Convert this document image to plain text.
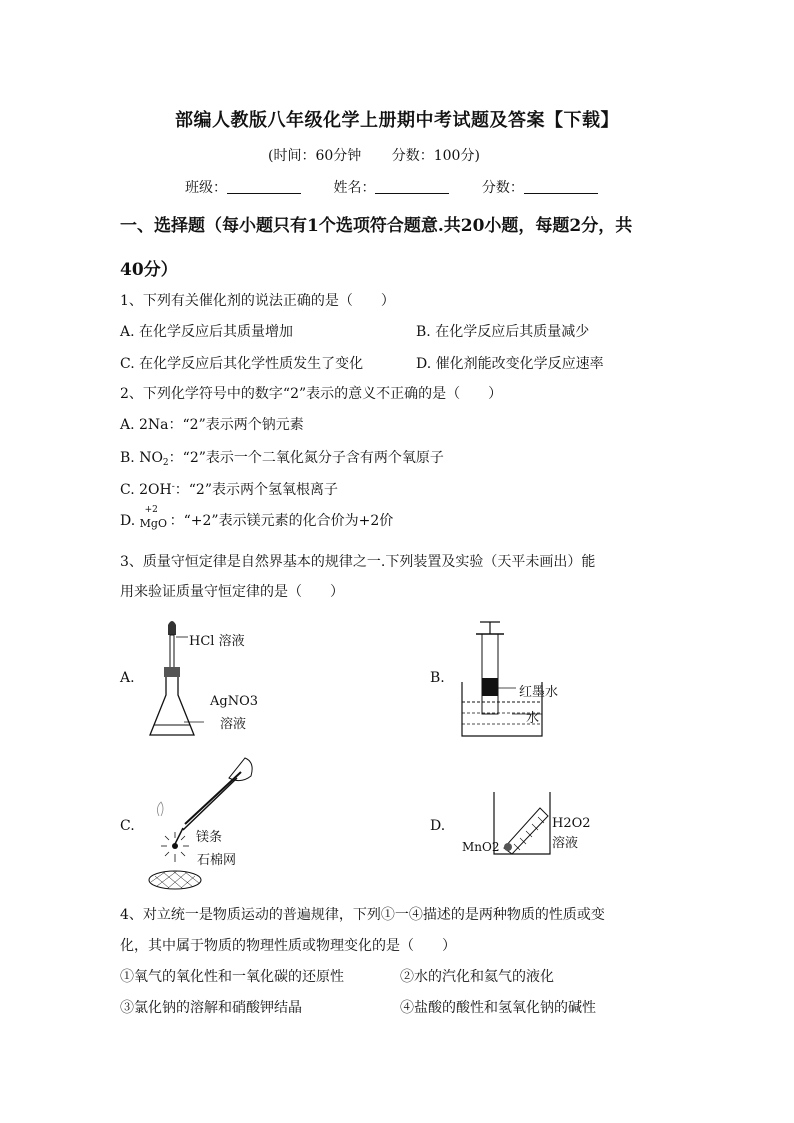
部编人教版八年级化学上册期中考试题及答案【下载】
(时间：60分钟 分数：100分)
班级：	姓名：	分数：
一、选择题（每小题只有1个选项符合题意.共20小题，每题2分，共
40分）
1、下列有关催化剂的说法正确的是（　　）
A. 在化学反应后其质量增加	B. 在化学反应后其质量减少
C. 在化学反应后其化学性质发生了变化	D. 催化剂能改变化学反应速率
2、下列化学符号中的数字“2”表示的意义不正确的是（　　）
A. 2Na：“2”表示两个钠元素
B. $NO_2$：“2”表示一个二氧化氮分子含有两个氧原子
C. 2OH-：“2”表示两个氢氧根离子
D.
+2
MgO ：“+2”表示镁元素的化合价为+2价
3、质量守恒定律是自然界基本的规律之一.下列装置及实验（天平未画出）能
用来验证质量守恒定律的是（　　）
A.
HCl 溶液
AgNO3
溶液
B.
红墨水
水
C.
镁条
石棉网
D.	H2O2
溶液
MnO2
4、对立统一是物质运动的普遍规律，下列①一④描述的是两种物质的性质或变
化，其中属于物质的物理性质或物理变化的是（　　）
①氧气的氧化性和一氧化碳的还原性	②水的汽化和氦气的液化
③氯化钠的溶解和硝酸钾结晶	④盐酸的酸性和氢氧化钠的碱性
